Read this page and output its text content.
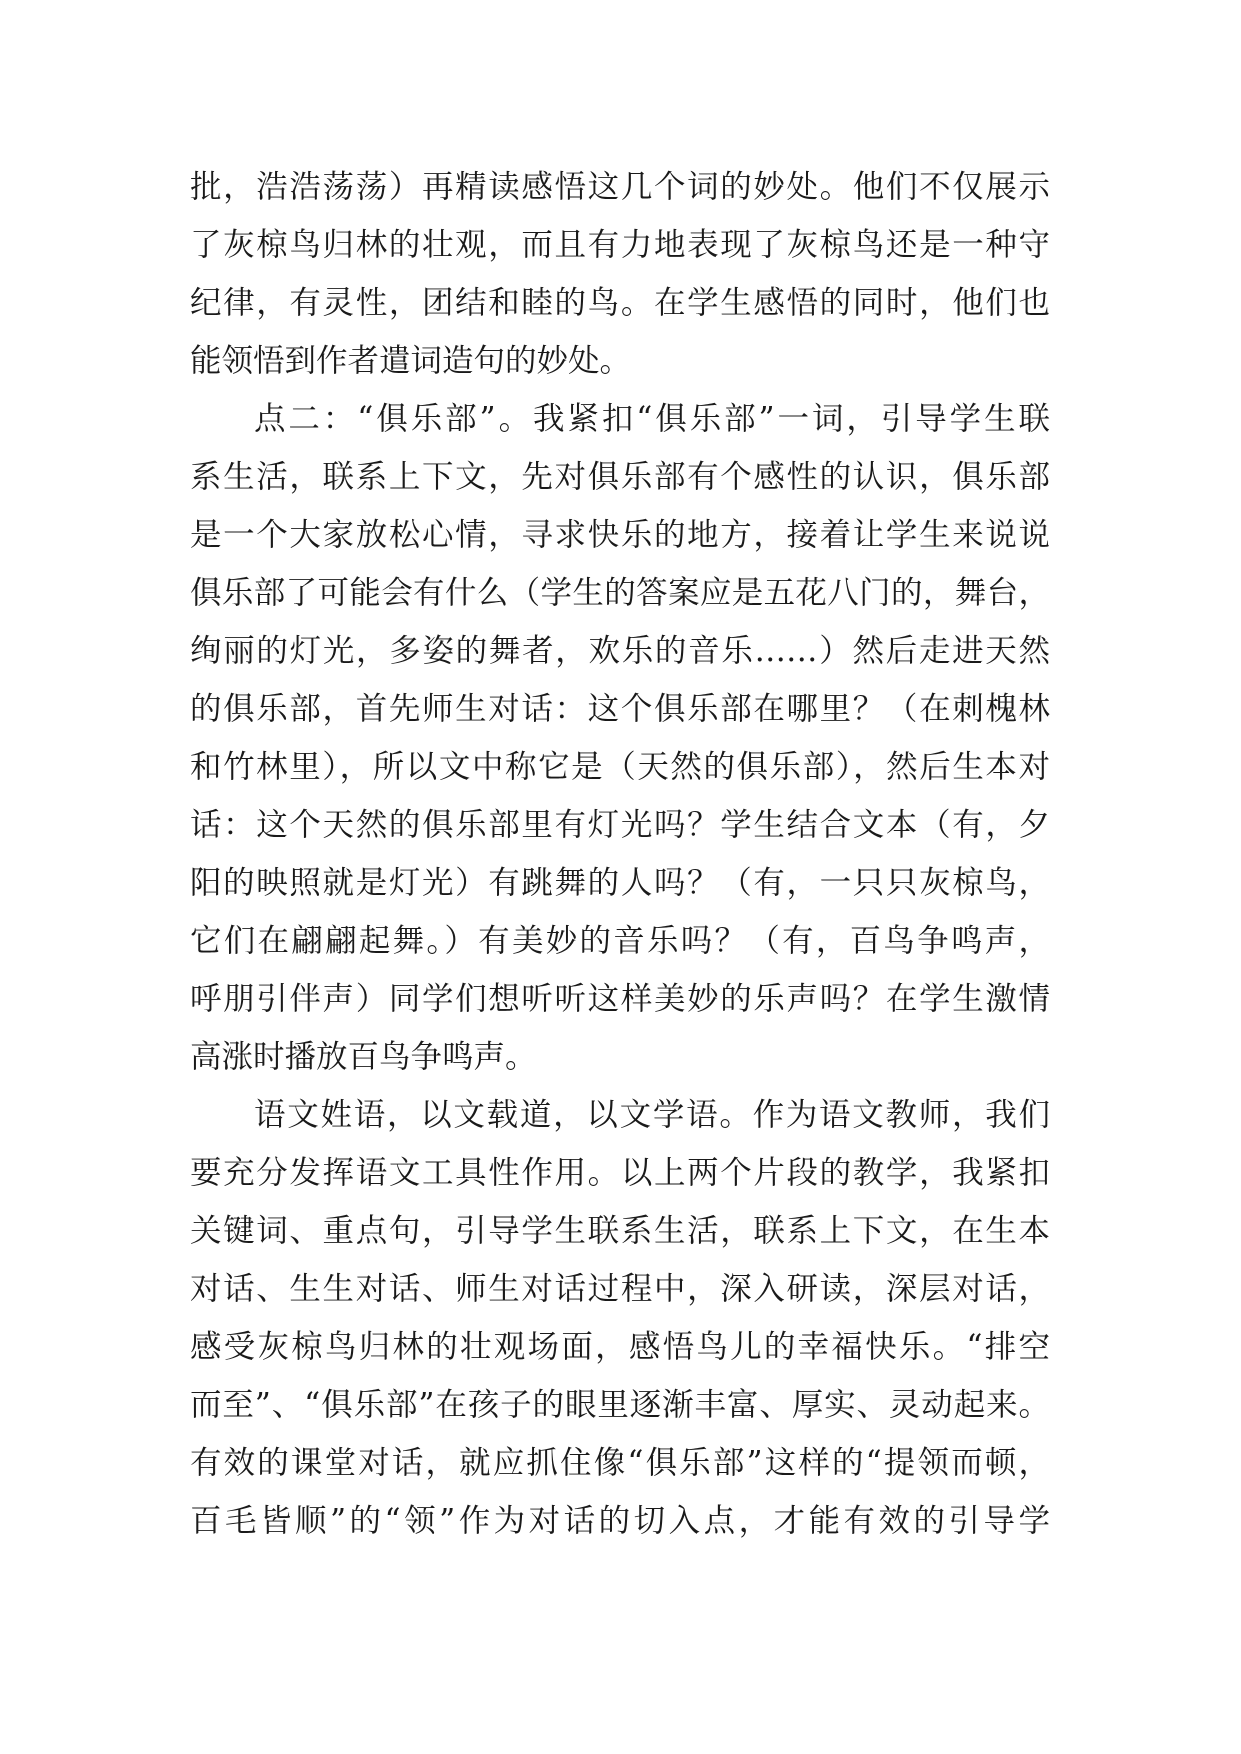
批，浩浩荡荡）再精读感悟这几个词的妙处。他们不仅展示
了灰椋鸟归林的壮观，而且有力地表现了灰椋鸟还是一种守
纪律，有灵性，团结和睦的鸟。在学生感悟的同时，他们也
能领悟到作者遣词造句的妙处。
点二：“俱乐部”。我紧扣“俱乐部”一词，引导学生联
系生活，联系上下文，先对俱乐部有个感性的认识，俱乐部
是一个大家放松心情，寻求快乐的地方，接着让学生来说说
俱乐部了可能会有什么（学生的答案应是五花八门的，舞台，
绚丽的灯光，多姿的舞者，欢乐的音乐……）然后走进天然
的俱乐部，首先师生对话：这个俱乐部在哪里？（在刺槐林
和竹林里），所以文中称它是（天然的俱乐部），然后生本对
话：这个天然的俱乐部里有灯光吗？学生结合文本（有，夕
阳的映照就是灯光）有跳舞的人吗？（有，一只只灰椋鸟，
它们在翩翩起舞。）有美妙的音乐吗？（有，百鸟争鸣声，
呼朋引伴声）同学们想听听这样美妙的乐声吗？在学生激情
高涨时播放百鸟争鸣声。
语文姓语，以文载道，以文学语。作为语文教师，我们
要充分发挥语文工具性作用。以上两个片段的教学，我紧扣
关键词、重点句，引导学生联系生活，联系上下文，在生本
对话、生生对话、师生对话过程中，深入研读，深层对话，
感受灰椋鸟归林的壮观场面，感悟鸟儿的幸福快乐。“排空
而至”、“俱乐部”在孩子的眼里逐渐丰富、厚实、灵动起来。
有效的课堂对话，就应抓住像“俱乐部”这样的“提领而顿，
百毛皆顺”的“领”作为对话的切入点，才能有效的引导学
